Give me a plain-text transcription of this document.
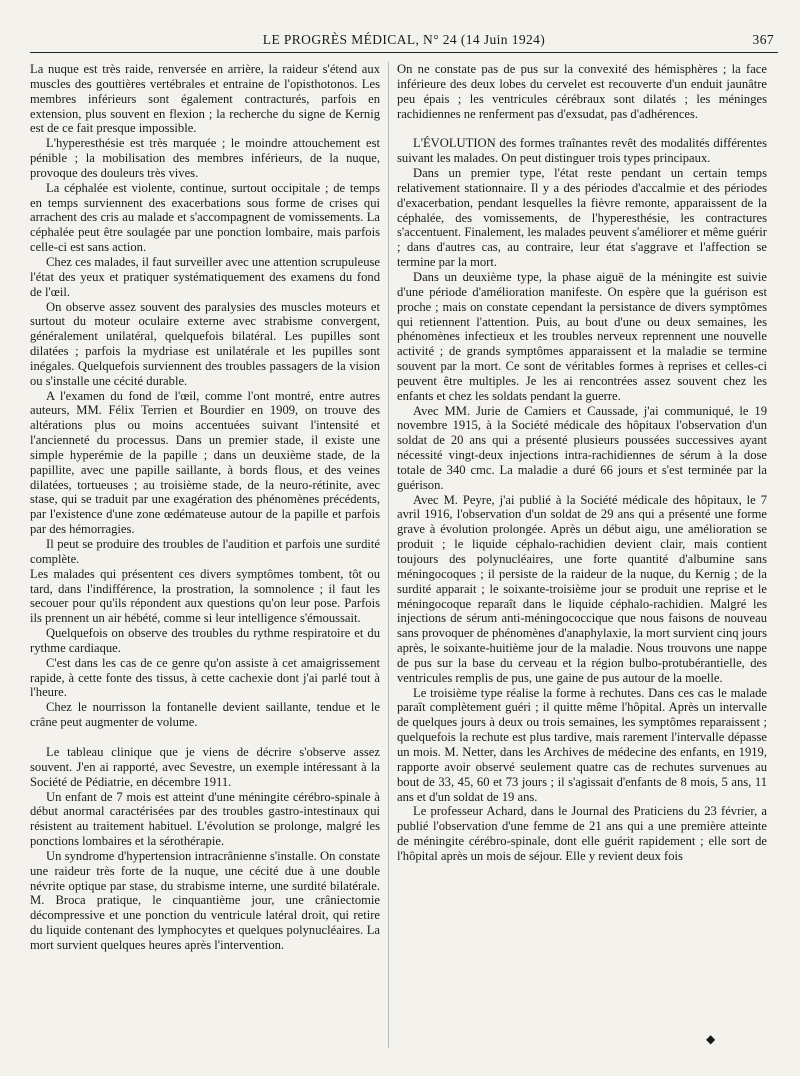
LE PROGRÈS MÉDICAL, N° 24 (14 Juin 1924)	367

La nuque est très raide, renversée en arrière, la raideur s'étend aux muscles des gouttières vertébrales et entraine de l'opisthotonos. Les membres inférieurs sont également contracturés, parfois en extension, plus souvent en flexion ; la recherche du signe de Kernig est de ce fait presque impossible.

L'hyperesthésie est très marquée ; le moindre attouchement est pénible ; la mobilisation des membres inférieurs, de la nuque, provoque des douleurs très vives.

La céphalée est violente, continue, surtout occipitale ; de temps en temps surviennent des exacerbations sous forme de crises qui arrachent des cris au malade et s'accompagnent de vomissements. La céphalée peut être soulagée par une ponction lombaire, mais parfois celle-ci est sans action.

Chez ces malades, il faut surveiller avec une attention scrupuleuse l'état des yeux et pratiquer systématiquement des examens du fond de l'œil.

On observe assez souvent des paralysies des muscles moteurs et surtout du moteur oculaire externe avec strabisme convergent, généralement unilatéral, quelquefois bilatéral. Les pupilles sont dilatées ; parfois la mydriase est unilatérale et les pupilles sont inégales. Quelquefois surviennent des troubles passagers de la vision ou s'installe une cécité durable.

A l'examen du fond de l'œil, comme l'ont montré, entre autres auteurs, MM. Félix Terrien et Bourdier en 1909, on trouve des altérations plus ou moins accentuées suivant l'intensité et l'ancienneté du processus. Dans un premier stade, il existe une simple hyperémie de la papille ; dans un deuxième stade, de la papillite, avec une papille saillante, à bords flous, et des veines dilatées, tortueuses ; au troisième stade, de la neuro-rétinite, avec stase, qui se traduit par une exagération des phénomènes précédents, par l'existence d'une zone œdémateuse autour de la papille et parfois par des hémorragies.

Il peut se produire des troubles de l'audition et parfois une surdité complète.

Les malades qui présentent ces divers symptômes tombent, tôt ou tard, dans l'indifférence, la prostration, la somnolence ; il faut les secouer pour qu'ils répondent aux questions qu'on leur pose. Parfois ils prennent un air hébété, comme si leur intelligence s'émoussait.

Quelquefois on observe des troubles du rythme respiratoire et du rythme cardiaque.

C'est dans les cas de ce genre qu'on assiste à cet amaigrissement rapide, à cette fonte des tissus, à cette cachexie dont j'ai parlé tout à l'heure.

Chez le nourrisson la fontanelle devient saillante, tendue et le crâne peut augmenter de volume.

Le tableau clinique que je viens de décrire s'observe assez souvent. J'en ai rapporté, avec Sevestre, un exemple intéressant à la Société de Pédiatrie, en décembre 1911.

Un enfant de 7 mois est atteint d'une méningite cérébro-spinale à début anormal caractérisées par des troubles gastro-intestinaux qui résistent au traitement habituel. L'évolution se prolonge, malgré les ponctions lombaires et la sérothérapie.

Un syndrome d'hypertension intracrânienne s'installe. On constate une raideur très forte de la nuque, une cécité due à une double névrite optique par stase, du strabisme interne, une surdité bilatérale. M. Broca pratique, le cinquantième jour, une crâniectomie décompressive et une ponction du ventricule latéral droit, qui retire du liquide contenant des lymphocytes et quelques polynucléaires. La mort survient quelques heures après l'intervention.

On ne constate pas de pus sur la convexité des hémisphères ; la face inférieure des deux lobes du cervelet est recouverte d'un enduit jaunâtre peu épais ; les ventricules cérébraux sont dilatés ; les méninges rachidiennes ne renferment pas d'exsudat, pas d'adhérences.

L'ÉVOLUTION des formes traînantes revêt des modalités différentes suivant les malades. On peut distinguer trois types principaux.

Dans un premier type, l'état reste pendant un certain temps relativement stationnaire. Il y a des périodes d'accalmie et des périodes d'exacerbation, pendant lesquelles la fièvre remonte, apparaissent de la céphalée, des vomissements, de l'hyperesthésie, les contractures s'accentuent. Finalement, les malades peuvent s'améliorer et même guérir ; dans d'autres cas, au contraire, leur état s'aggrave et l'affection se termine par la mort.

Dans un deuxième type, la phase aiguë de la méningite est suivie d'une période d'amélioration manifeste. On espère que la guérison est proche ; mais on constate cependant la persistance de divers symptômes qui retiennent l'attention. Puis, au bout d'une ou deux semaines, les phénomènes infectieux et les troubles nerveux reprennent une nouvelle activité ; de grands symptômes apparaissent et la maladie se termine souvent par la mort. Ce sont de véritables formes à reprises et celles-ci peuvent être multiples. Je les ai rencontrées assez souvent chez les enfants et chez les soldats pendant la guerre.

Avec MM. Jurie de Camiers et Caussade, j'ai communiqué, le 19 novembre 1915, à la Société médicale des hôpitaux l'observation d'un soldat de 20 ans qui a présenté plusieurs poussées successives ayant nécessité vingt-deux injections intra-rachidiennes de sérum à la dose totale de 340 cmc. La maladie a duré 66 jours et s'est terminée par la guérison.

Avec M. Peyre, j'ai publié à la Société médicale des hôpitaux, le 7 avril 1916, l'observation d'un soldat de 29 ans qui a présenté une forme grave à évolution prolongée. Après un début aigu, une amélioration se produit ; le liquide céphalo-rachidien devient clair, mais contient toujours des polynucléaires, une forte quantité d'albumine sans méningocoques ; il persiste de la raideur de la nuque, du Kernig ; de la surdité apparait ; le soixante-troisième jour se produit une reprise et le méningocoque reparaît dans le liquide céphalo-rachidien. Malgré les injections de sérum anti-méningococcique que nous faisons de nouveau sans provoquer de phénomènes d'anaphylaxie, la mort survient cinq jours après, le soixante-huitième jour de la maladie. Nous trouvons une nappe de pus sur la base du cerveau et la région bulbo-protubérantielle, des ventricules remplis de pus, une gaine de pus autour de la moelle.

Le troisième type réalise la forme à rechutes. Dans ces cas le malade paraît complètement guéri ; il quitte même l'hôpital. Après un intervalle de quelques jours à deux ou trois semaines, les symptômes reparaissent ; quelquefois la rechute est plus tardive, mais rarement l'intervalle dépasse un mois. M. Netter, dans les Archives de médecine des enfants, en 1919, rapporte avoir observé seulement quatre cas de rechutes survenues au bout de 33, 45, 60 et 73 jours ; il s'agissait d'enfants de 8 mois, 5 ans, 11 ans et d'un soldat de 19 ans.

Le professeur Achard, dans le Journal des Praticiens du 23 février, a publié l'observation d'une femme de 21 ans qui a une première atteinte de méningite cérébro-spinale, dont elle guérit rapidement ; elle sort de l'hôpital après un mois de séjour. Elle y revient deux fois

◆
